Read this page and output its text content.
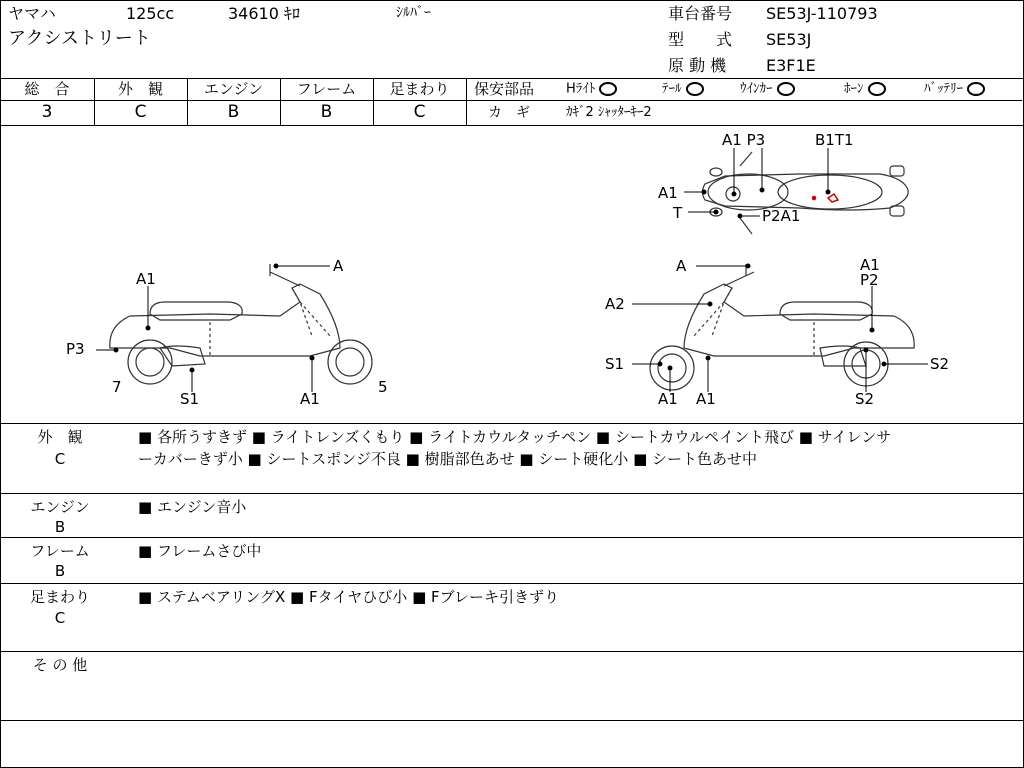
ヤマハ	125cc	34610 ｷﾛ	ｼﾙﾊﾞｰ
アクシストリート
車台番号 SE53J-110793
型　　式 SE53J
原 動 機 E3F1E
総　合
3
外　観
C
エンジン
B
フレーム
B
足まわり
C
保安部品 Hﾗｲﾄ	ﾃｰﾙ	ｳｲﾝｶｰ	ﾎｰﾝ	ﾊﾞｯﾃﾘｰ
カ　ギ	ｶｷﾞ2 ｼｬｯﾀｰｷｰ2
A1 P3	B1T1
A1
T	P2A1
A
A1
P3
7
S1	A1
5
A	A1
P2
A2
S1
A1 A1
S2
S2
外　観
C
■ 各所うすきず ■ ライトレンズくもり ■ ライトカウルタッチペン ■ シートカウルペイント飛び ■ サイレンサ
ーカバーきず小 ■ シートスポンジ不良 ■ 樹脂部色あせ ■ シート硬化小 ■ シート色あせ中
エンジン
B
■ エンジン音小
フレーム
B
■ フレームさび中
足まわり
C
■ ステムベアリングX ■ Fタイヤひび小 ■ Fブレーキ引きずり
そ の 他
